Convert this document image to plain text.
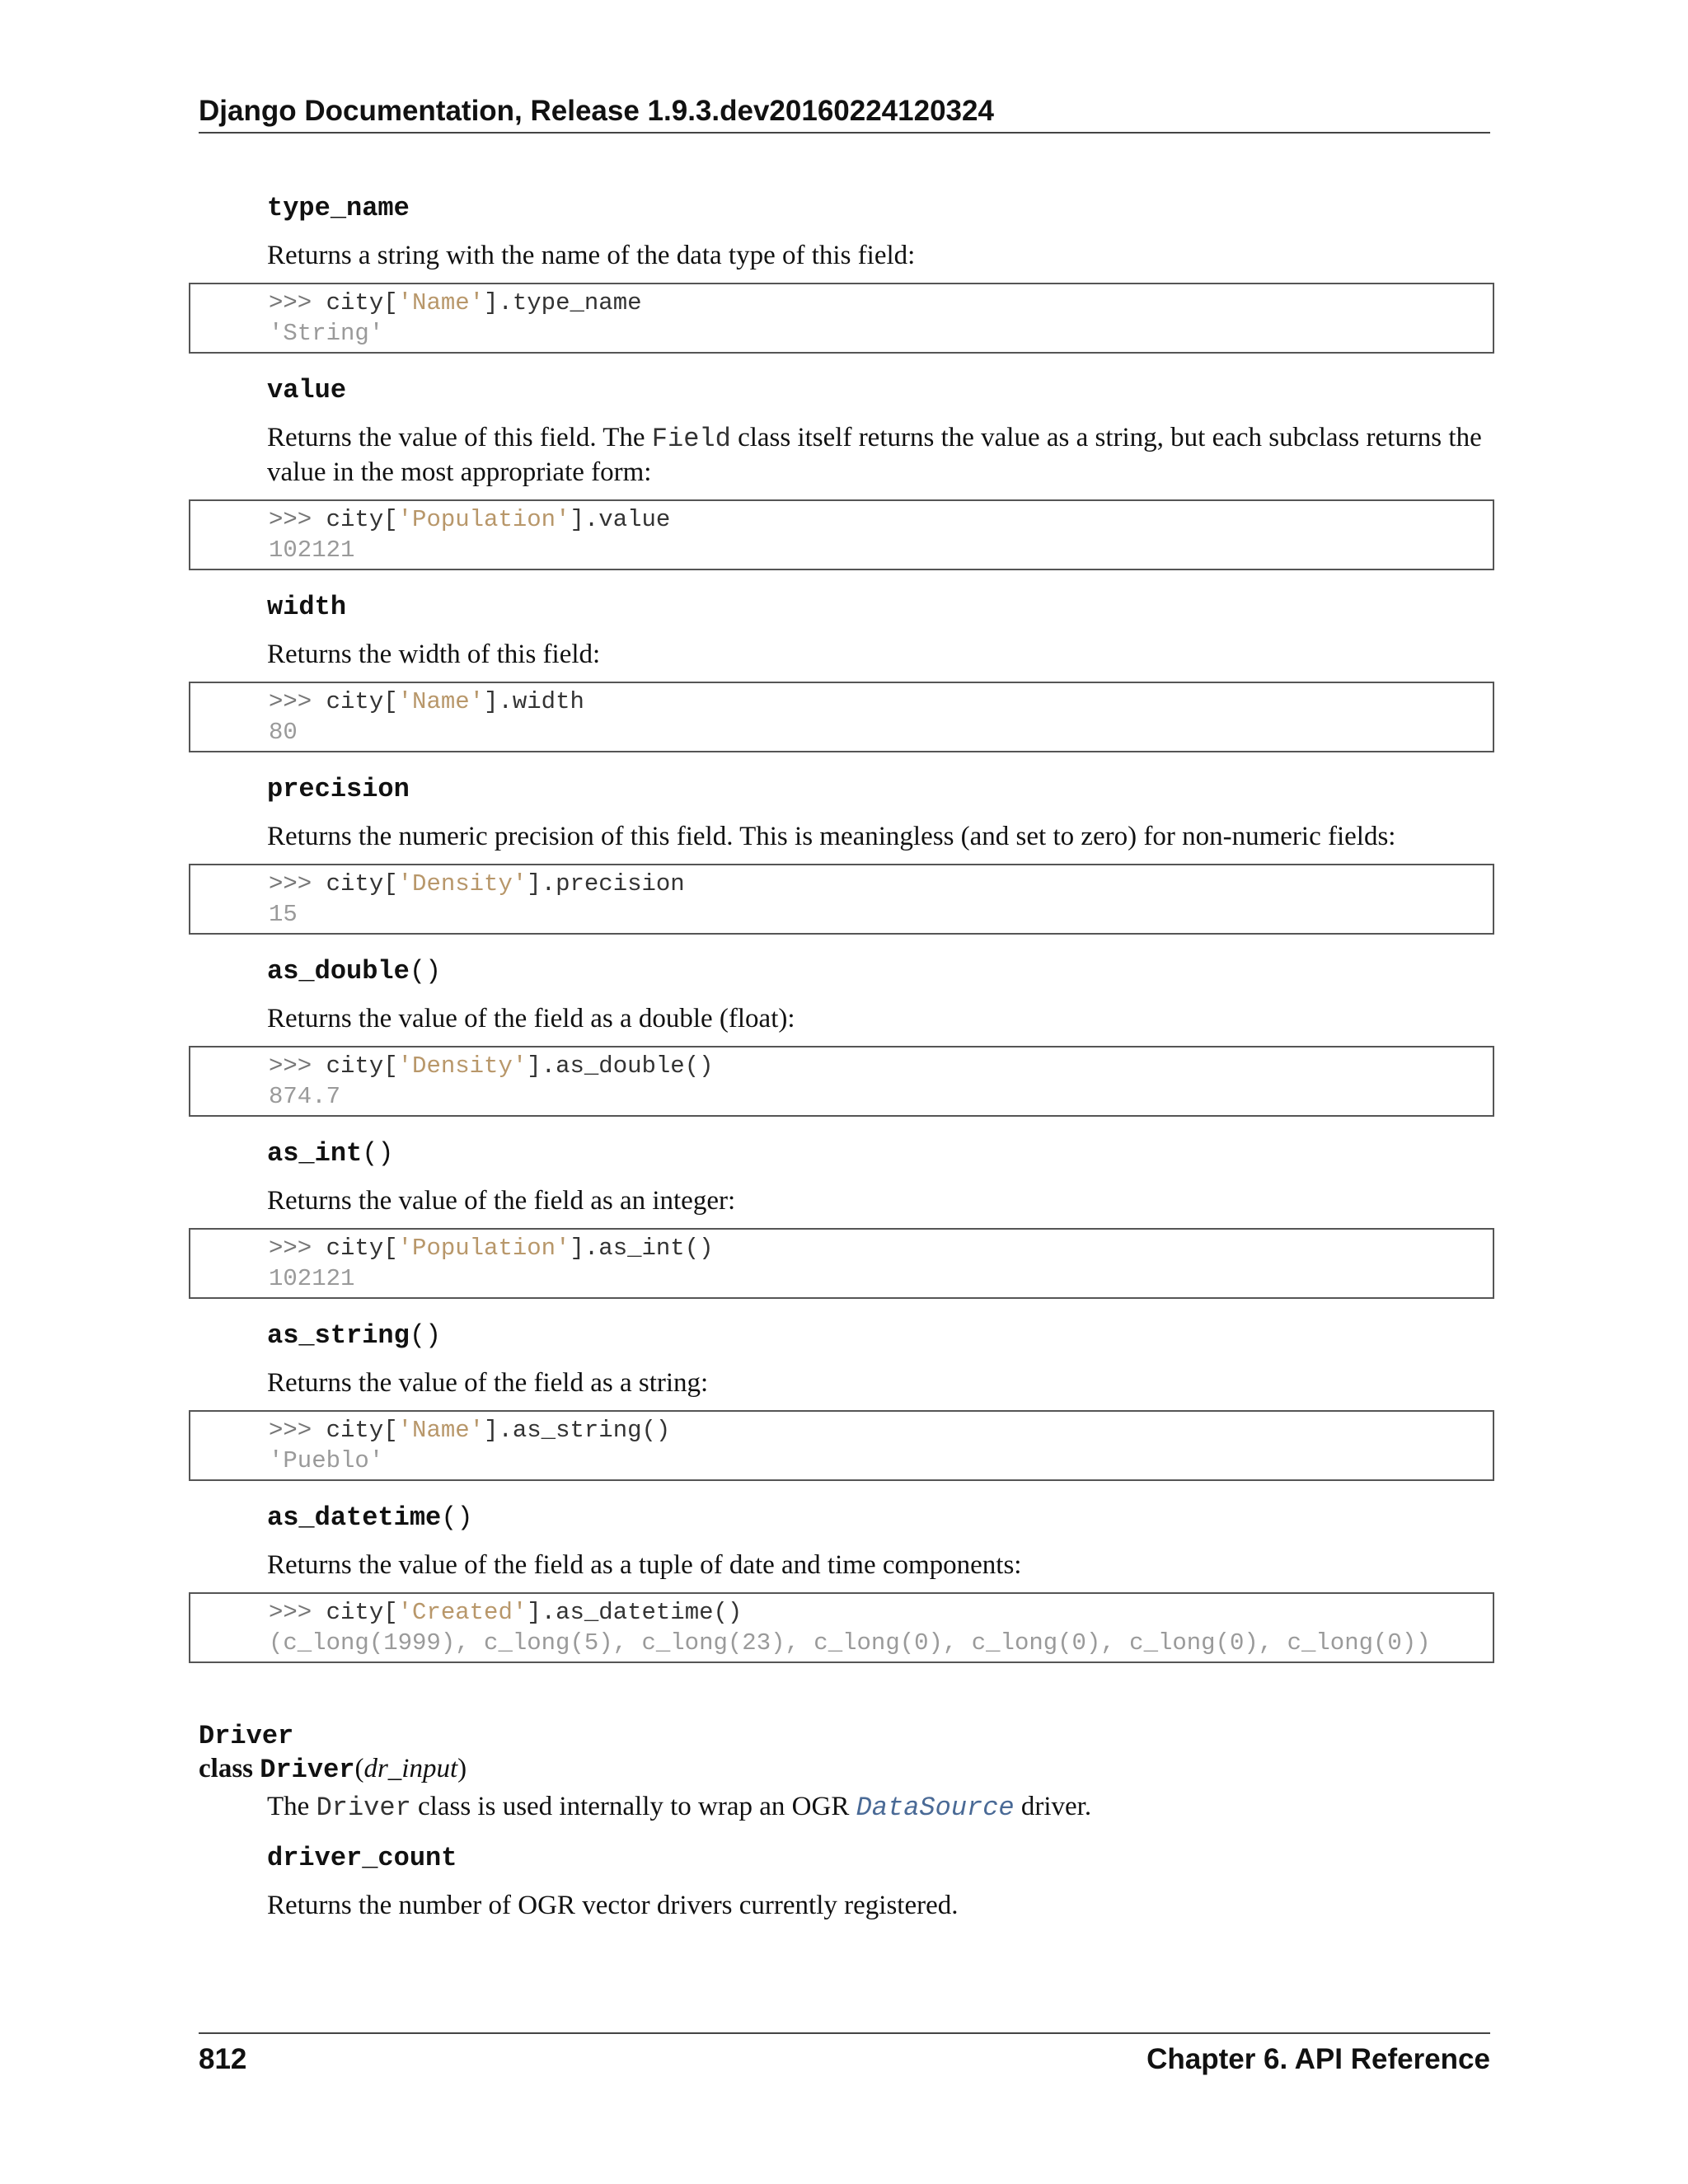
Django Documentation, Release 1.9.3.dev20160224120324

type_name

Returns a string with the name of the data type of this field:

>>> city['Name'].type_name
'String'

value

Returns the value of this field. The Field class itself returns the value as a string, but each subclass returns the value in the most appropriate form:

>>> city['Population'].value
102121

width

Returns the width of this field:

>>> city['Name'].width
80

precision

Returns the numeric precision of this field. This is meaningless (and set to zero) for non-numeric fields:

>>> city['Density'].precision
15

as_double()

Returns the value of the field as a double (float):

>>> city['Density'].as_double()
874.7

as_int()

Returns the value of the field as an integer:

>>> city['Population'].as_int()
102121

as_string()

Returns the value of the field as a string:

>>> city['Name'].as_string()
'Pueblo'

as_datetime()

Returns the value of the field as a tuple of date and time components:

>>> city['Created'].as_datetime()
(c_long(1999), c_long(5), c_long(23), c_long(0), c_long(0), c_long(0), c_long(0))

Driver

class Driver(dr_input)

The Driver class is used internally to wrap an OGR DataSource driver.

driver_count

Returns the number of OGR vector drivers currently registered.

812	Chapter 6. API Reference
